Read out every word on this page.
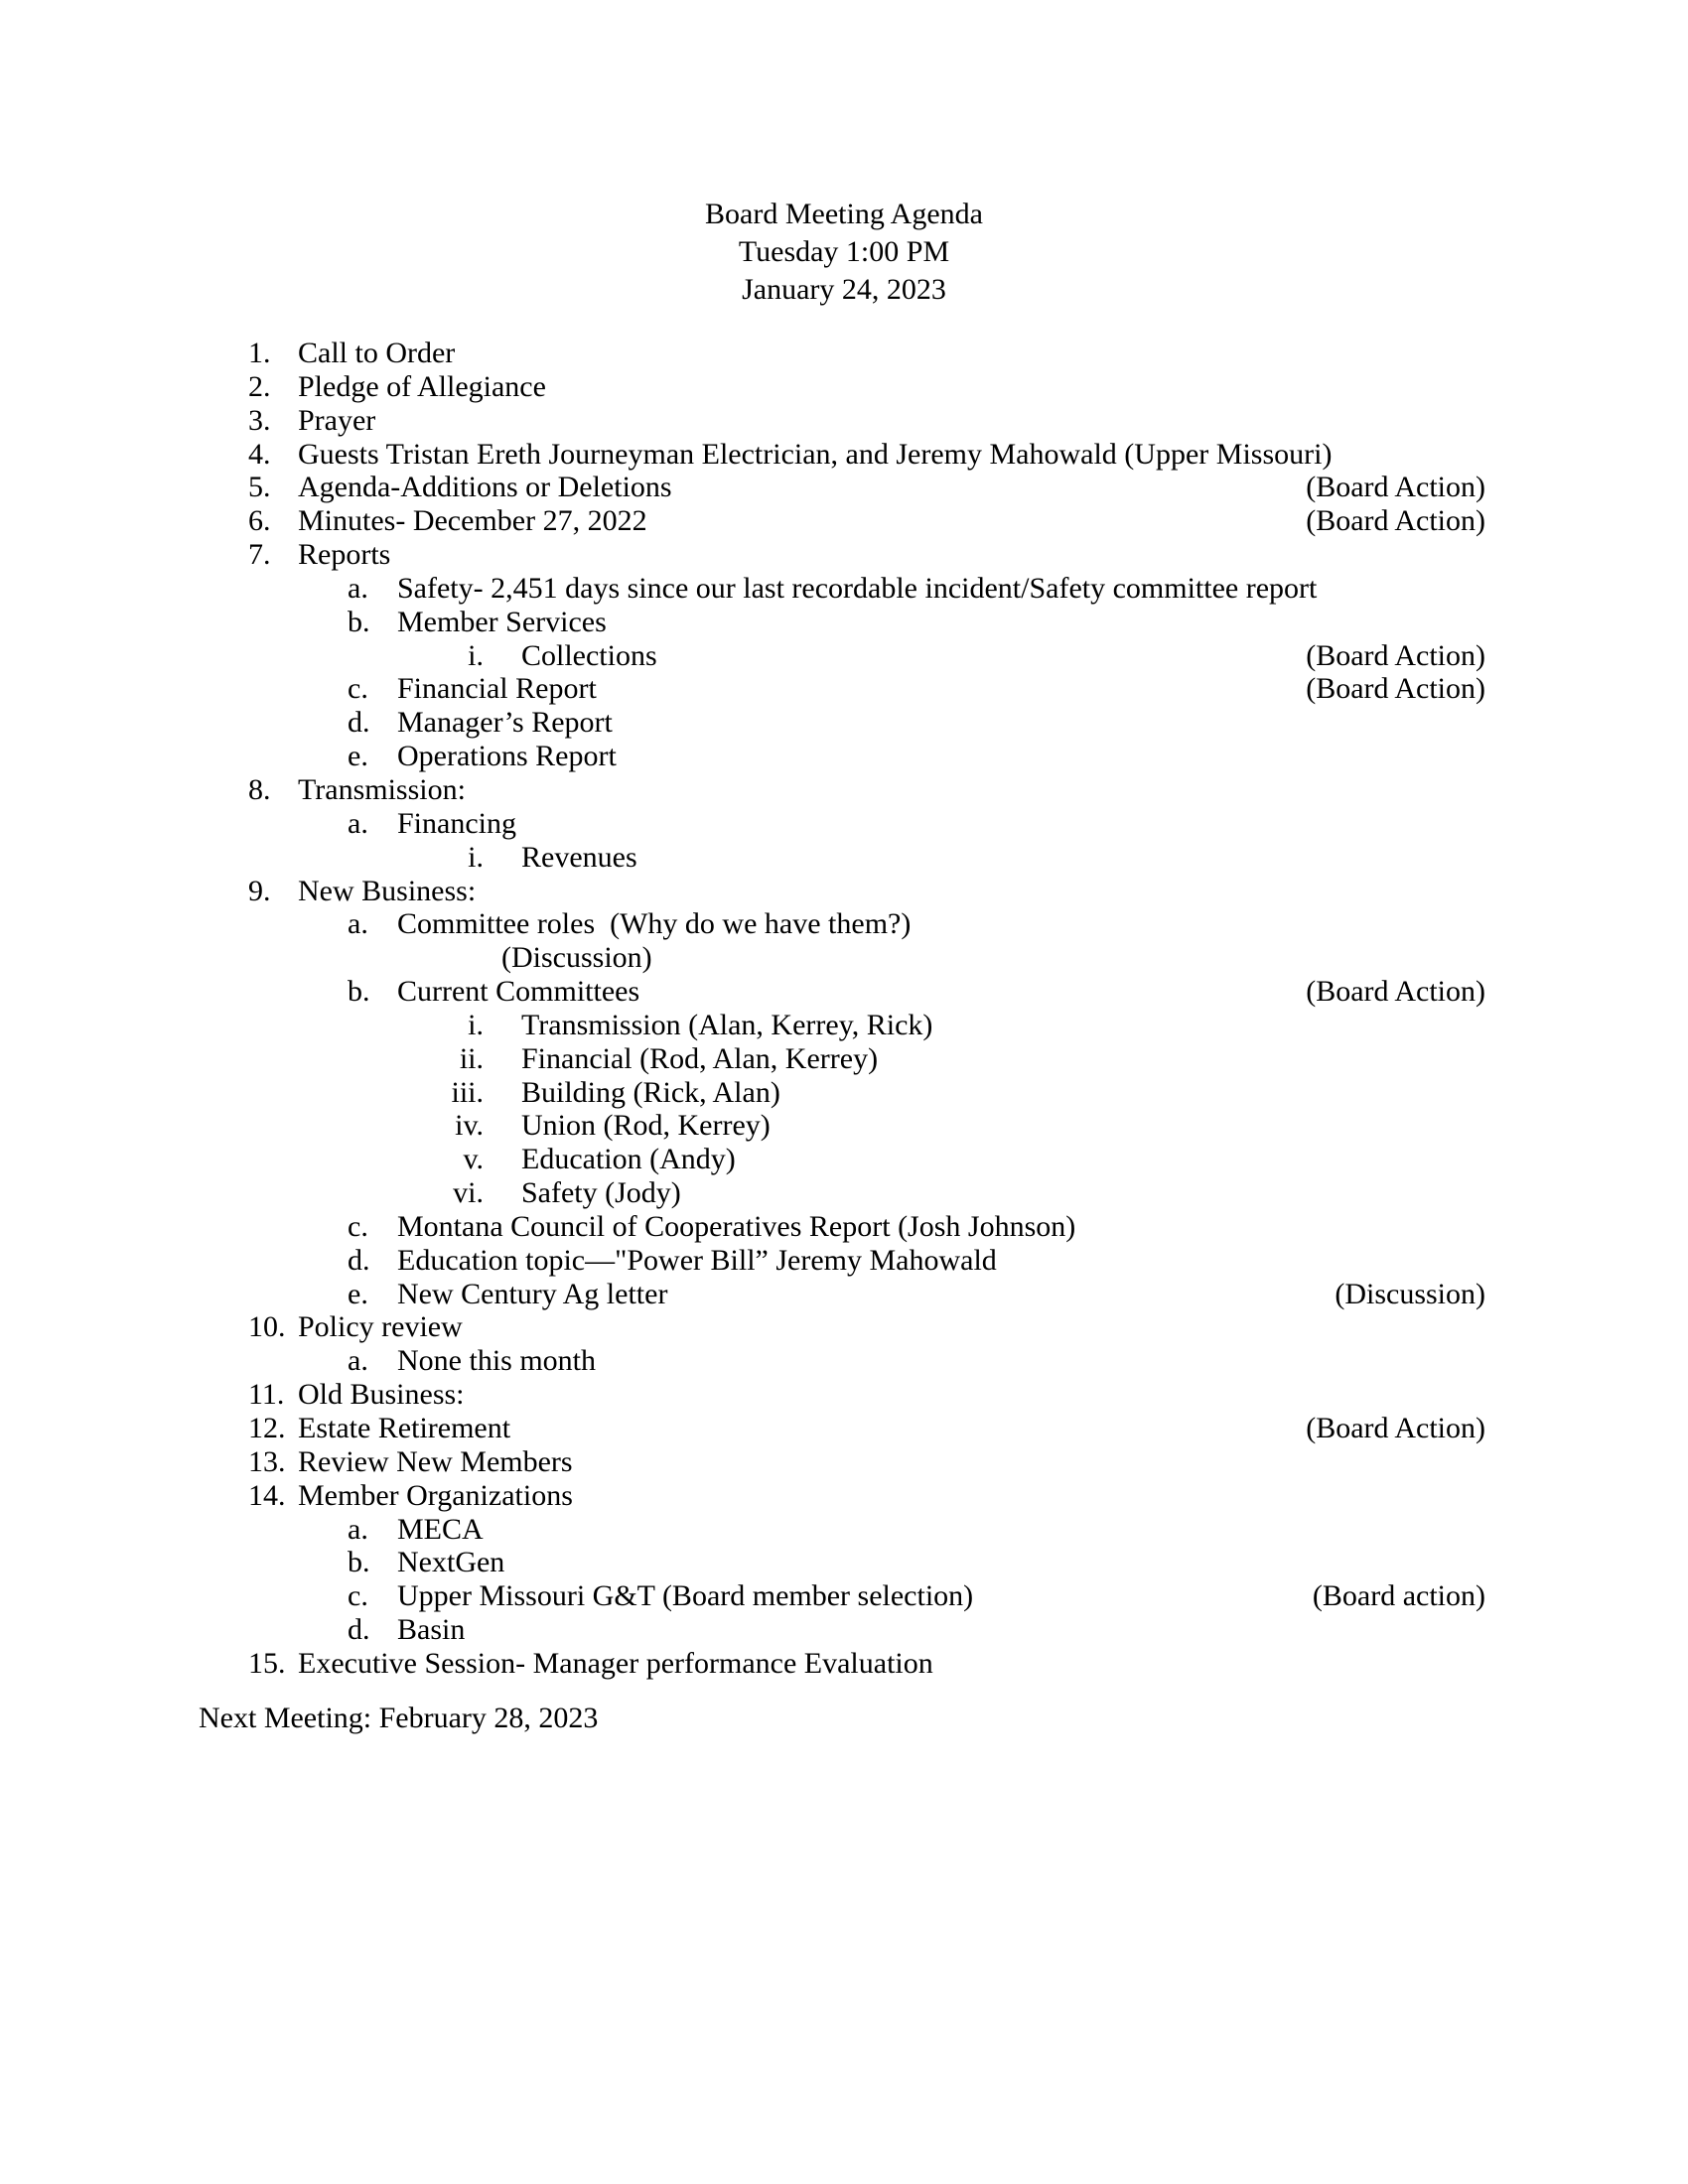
Board Meeting Agenda
Tuesday 1:00 PM
January 24, 2023
1. Call to Order
2. Pledge of Allegiance
3. Prayer
4. Guests Tristan Ereth Journeyman Electrician, and Jeremy Mahowald (Upper Missouri)
5. Agenda-Additions or Deletions	(Board Action)
6. Minutes- December 27, 2022	(Board Action)
7. Reports
a. Safety- 2,451 days since our last recordable incident/Safety committee report
b. Member Services
i. Collections	(Board Action)
c. Financial Report	(Board Action)
d. Manager’s Report
e. Operations Report
8. Transmission:
a. Financing
i. Revenues
9. New Business:
a. Committee roles  (Why do we have them?)
(Discussion)
b. Current Committees	(Board Action)
i. Transmission (Alan, Kerrey, Rick)
ii. Financial (Rod, Alan, Kerrey)
iii. Building (Rick, Alan)
iv. Union (Rod, Kerrey)
v. Education (Andy)
vi. Safety (Jody)
c. Montana Council of Cooperatives Report (Josh Johnson)
d. Education topic—"Power Bill” Jeremy Mahowald
e. New Century Ag letter	(Discussion)
10. Policy review
a. None this month
11. Old Business:
12. Estate Retirement	(Board Action)
13. Review New Members
14. Member Organizations
a. MECA
b. NextGen
c. Upper Missouri G&T (Board member selection)	(Board action)
d. Basin
15. Executive Session- Manager performance Evaluation
Next Meeting: February 28, 2023
